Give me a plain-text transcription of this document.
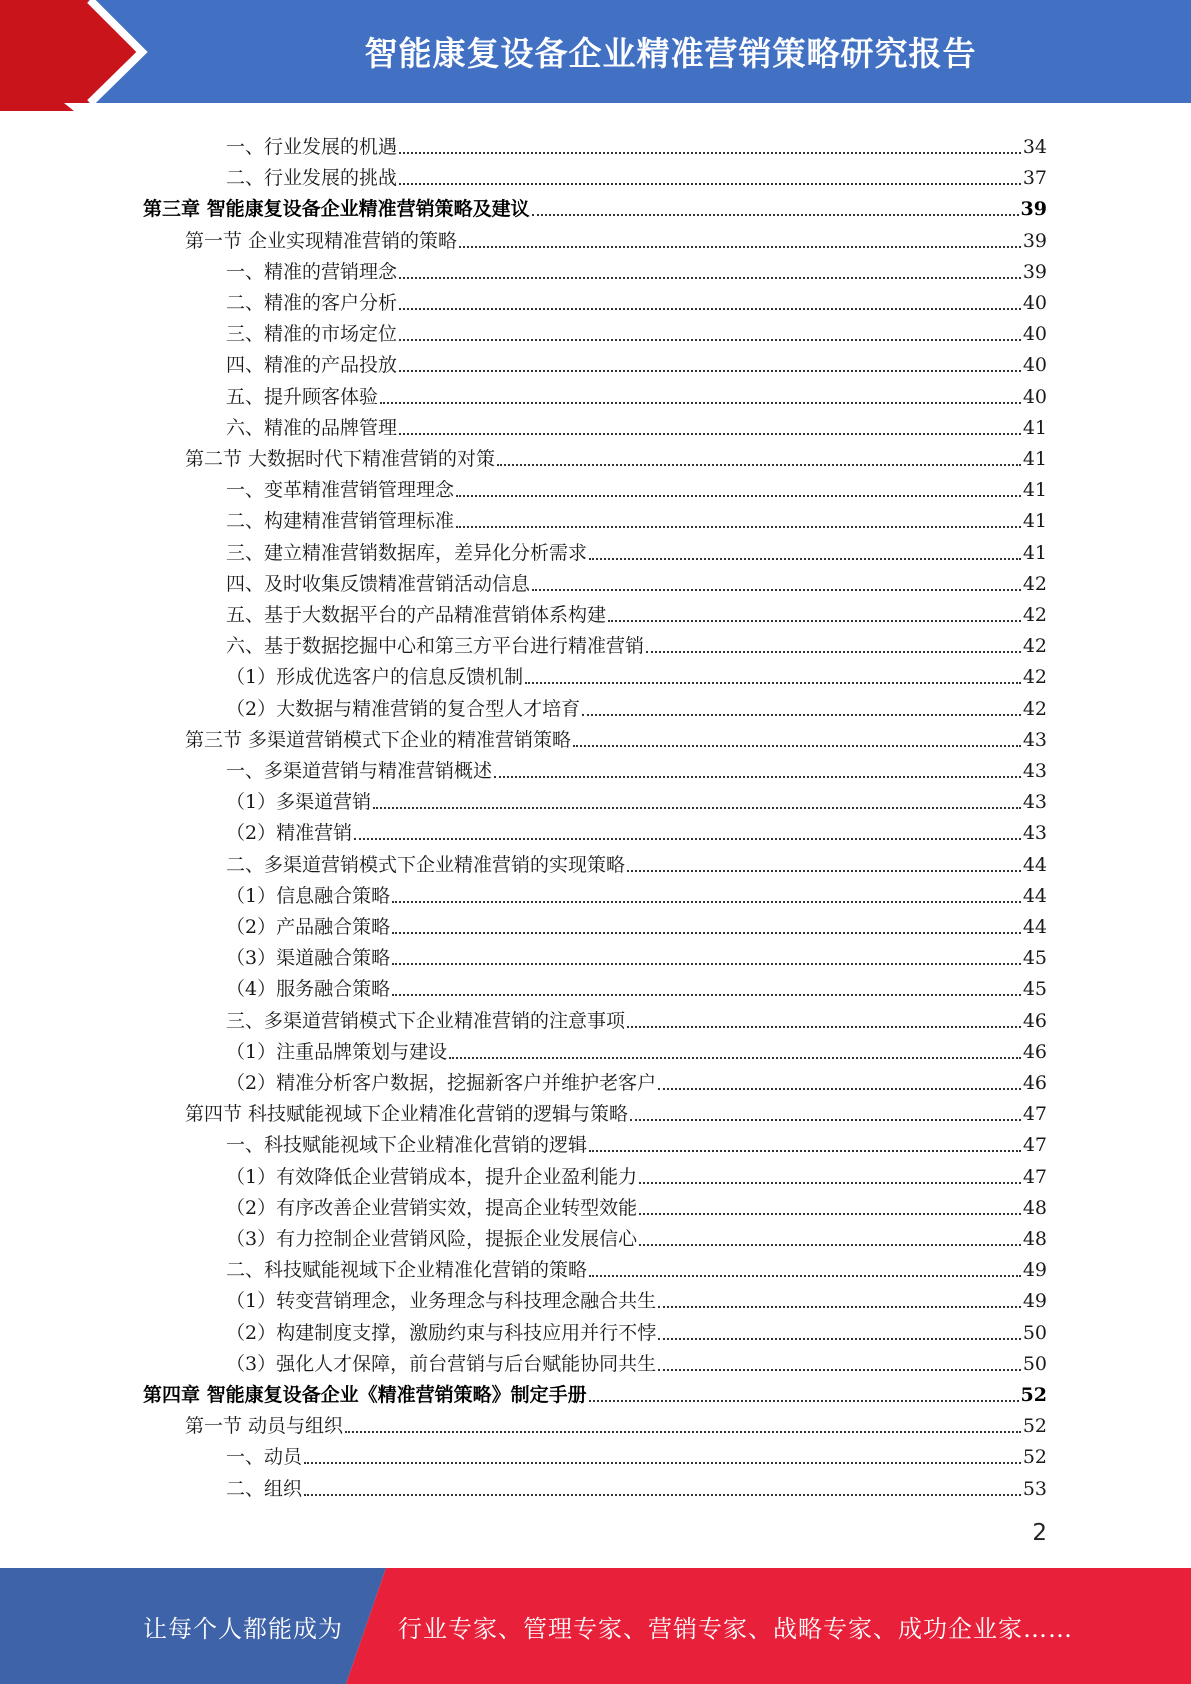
智能康复设备企业精准营销策略研究报告
一、行业发展的机遇	34
二、行业发展的挑战	37
第三章 智能康复设备企业精准营销策略及建议	39
第一节 企业实现精准营销的策略	39
一、精准的营销理念	39
二、精准的客户分析	40
三、精准的市场定位	40
四、精准的产品投放	40
五、提升顾客体验	40
六、精准的品牌管理	41
第二节 大数据时代下精准营销的对策	41
一、变革精准营销管理理念	41
二、构建精准营销管理标准	41
三、建立精准营销数据库，差异化分析需求	41
四、及时收集反馈精准营销活动信息	42
五、基于大数据平台的产品精准营销体系构建	42
六、基于数据挖掘中心和第三方平台进行精准营销	42
（1）形成优选客户的信息反馈机制	42
（2）大数据与精准营销的复合型人才培育	42
第三节 多渠道营销模式下企业的精准营销策略	43
一、多渠道营销与精准营销概述	43
（1）多渠道营销	43
（2）精准营销	43
二、多渠道营销模式下企业精准营销的实现策略	44
（1）信息融合策略	44
（2）产品融合策略	44
（3）渠道融合策略	45
（4）服务融合策略	45
三、多渠道营销模式下企业精准营销的注意事项	46
（1）注重品牌策划与建设	46
（2）精准分析客户数据，挖掘新客户并维护老客户	46
第四节 科技赋能视域下企业精准化营销的逻辑与策略	47
一、科技赋能视域下企业精准化营销的逻辑	47
（1）有效降低企业营销成本，提升企业盈利能力	47
（2）有序改善企业营销实效，提高企业转型效能	48
（3）有力控制企业营销风险，提振企业发展信心	48
二、科技赋能视域下企业精准化营销的策略	49
（1）转变营销理念，业务理念与科技理念融合共生	49
（2）构建制度支撑，激励约束与科技应用并行不悖	50
（3）强化人才保障，前台营销与后台赋能协同共生	50
第四章 智能康复设备企业《精准营销策略》制定手册	52
第一节 动员与组织	52
一、动员	52
二、组织	53
2
让每个人都能成为 行业专家、管理专家、营销专家、战略专家、成功企业家……
